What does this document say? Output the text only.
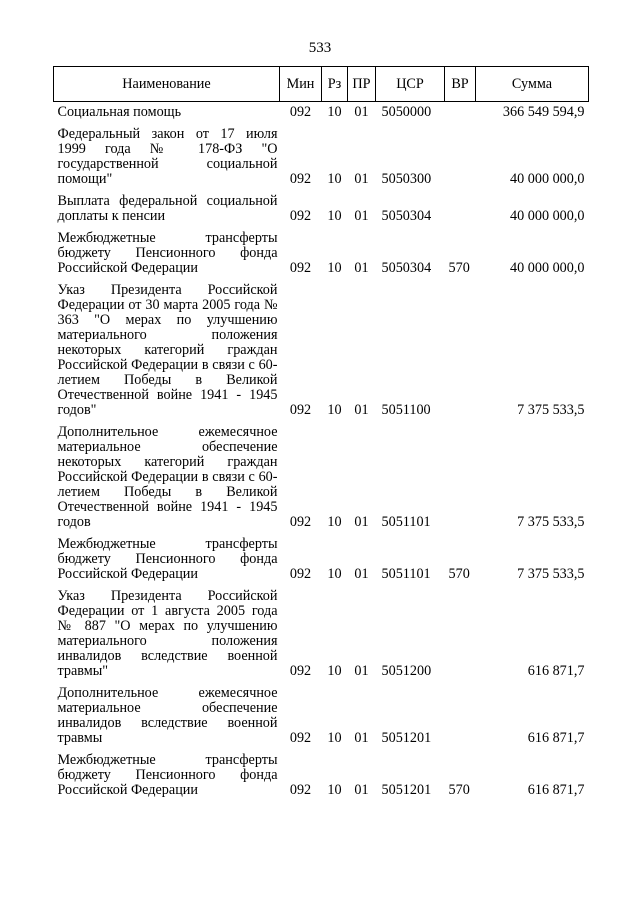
533
Наименование	Мин	Рз	ПР	ЦСР	ВР	Сумма
Социальная помощь	092	10	01	5050000		366 549 594,9
Федеральный закон от 17 июля 1999 года № 178-ФЗ "О государственной социальной помощи"	092	10	01	5050300		40 000 000,0
Выплата федеральной социальной доплаты к пенсии	092	10	01	5050304		40 000 000,0
Межбюджетные трансферты бюджету Пенсионного фонда Российской Федерации	092	10	01	5050304	570	40 000 000,0
Указ Президента Российской Федерации от 30 марта 2005 года № 363 "О мерах по улучшению материального положения некоторых категорий граждан Российской Федерации в связи с 60-летием Победы в Великой Отечественной войне 1941 - 1945 годов"	092	10	01	5051100		7 375 533,5
Дополнительное ежемесячное материальное обеспечение некоторых категорий граждан Российской Федерации в связи с 60-летием Победы в Великой Отечественной войне 1941 - 1945 годов	092	10	01	5051101		7 375 533,5
Межбюджетные трансферты бюджету Пенсионного фонда Российской Федерации	092	10	01	5051101	570	7 375 533,5
Указ Президента Российской Федерации от 1 августа 2005 года № 887 "О мерах по улучшению материального положения инвалидов вследствие военной травмы"	092	10	01	5051200		616 871,7
Дополнительное ежемесячное материальное обеспечение инвалидов вследствие военной травмы	092	10	01	5051201		616 871,7
Межбюджетные трансферты бюджету Пенсионного фонда Российской Федерации	092	10	01	5051201	570	616 871,7
